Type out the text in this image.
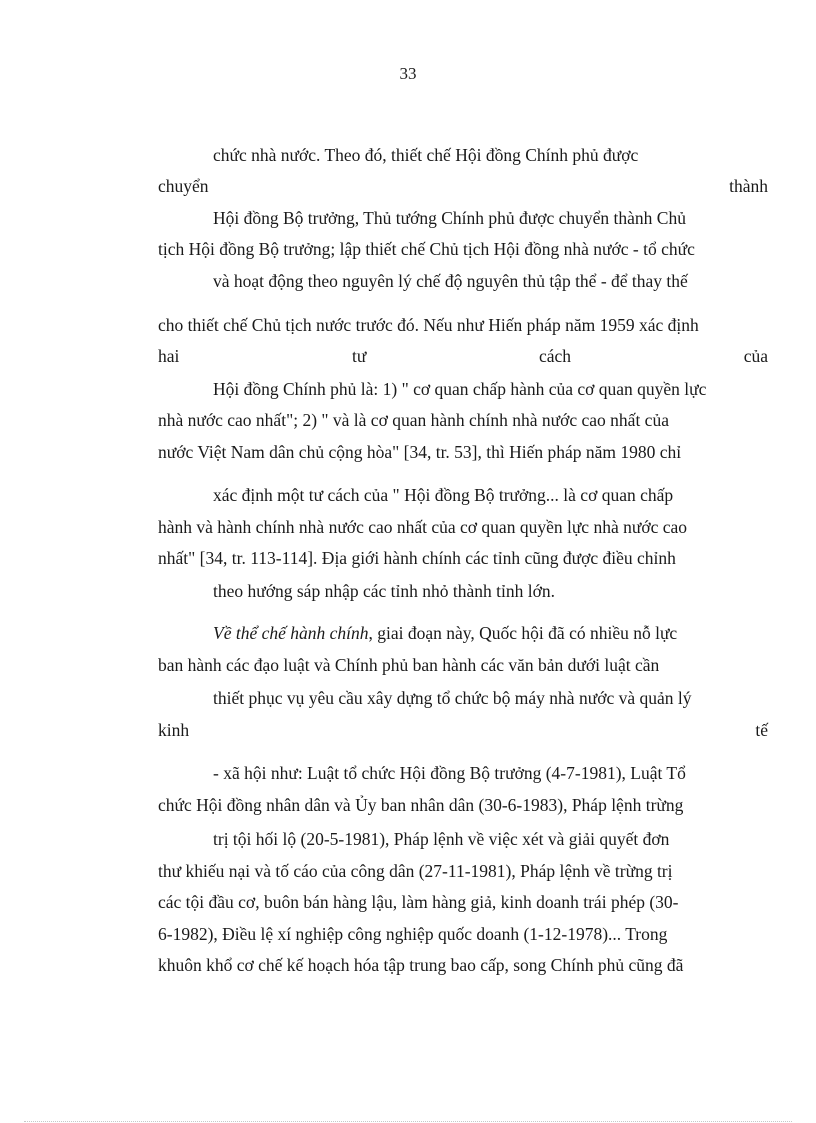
33
chức nhà nước. Theo đó, thiết chế Hội đồng Chính phủ được
chuyển	thành
Hội đồng Bộ trưởng, Thủ tướng Chính phủ được chuyển thành Chủ
tịch Hội đồng Bộ trưởng; lập thiết chế Chủ tịch Hội đồng nhà nước - tổ chức
và hoạt động theo nguyên lý chế độ nguyên thủ tập thể - để thay thế
cho thiết chế Chủ tịch nước trước đó. Nếu như Hiến pháp năm 1959 xác định
hai	tư	cách	của
Hội đồng Chính phủ là: 1) " cơ quan chấp hành của cơ quan quyền lực
nhà nước cao nhất"; 2) " và là cơ quan hành chính nhà nước cao nhất của
nước Việt Nam dân chủ cộng hòa" [34, tr. 53], thì Hiến pháp năm 1980 chỉ
xác định một tư cách của " Hội đồng Bộ trưởng... là cơ quan chấp
hành và hành chính nhà nước cao nhất của cơ quan quyền lực nhà nước cao
nhất" [34, tr. 113-114]. Địa giới hành chính các tỉnh cũng được điều chỉnh
theo hướng sáp nhập các tỉnh nhỏ thành tỉnh lớn.
Về thể chế hành chính, giai đoạn này, Quốc hội đã có nhiều nỗ lực
ban hành các đạo luật và Chính phủ ban hành các văn bản dưới luật cần
thiết phục vụ yêu cầu xây dựng tổ chức bộ máy nhà nước và quản lý
kinh	tế
- xã hội như: Luật tổ chức Hội đồng Bộ trưởng (4-7-1981), Luật Tổ
chức Hội đồng nhân dân và Ủy ban nhân dân (30-6-1983), Pháp lệnh trừng
trị tội hối lộ (20-5-1981), Pháp lệnh về việc xét và giải quyết đơn
thư khiếu nại và tố cáo của công dân (27-11-1981), Pháp lệnh về trừng trị
các tội đầu cơ, buôn bán hàng lậu, làm hàng giả, kinh doanh trái phép (30-
6-1982), Điều lệ xí nghiệp công nghiệp quốc doanh (1-12-1978)... Trong
khuôn khổ cơ chế kế hoạch hóa tập trung bao cấp, song Chính phủ cũng đã
